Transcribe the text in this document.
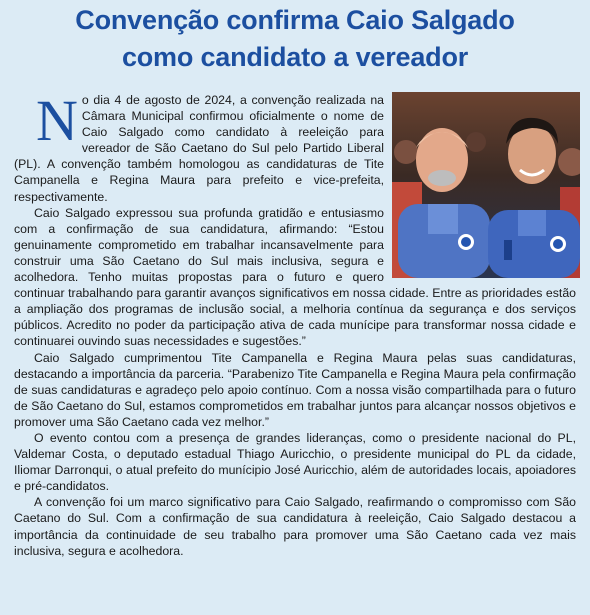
Convenção confirma Caio Salgado
como candidato a vereador
N o dia 4 de agosto de 2024, a convenção realizada na Câmara Municipal confirmou oficialmente o nome de Caio Salgado como candidato à reeleição para vereador de São Caetano do Sul pelo Partido Liberal (PL). A convenção também homologou as candidaturas de Tite Campanella e Regina Maura para prefeito e vice-prefeita, respectivamente.

Caio Salgado expressou sua profunda gratidão e entusiasmo com a confirmação de sua candidatura, afirmando: “Estou genuinamente comprometido em trabalhar incansavelmente para construir uma São Caetano do Sul mais inclusiva, segura e acolhedora. Tenho muitas propostas para o futuro e quero continuar trabalhando para garantir avanços significativos em nossa cidade. Entre as prioridades estão a ampliação dos programas de inclusão social, a melhoria contínua da segurança e dos serviços públicos. Acredito no poder da participação ativa de cada munícipe para transformar nossa cidade e continuarei ouvindo suas necessidades e sugestões.”

Caio Salgado cumprimentou Tite Campanella e Regina Maura pelas suas candidaturas, destacando a importância da parceria. “Parabenizo Tite Campanella e Regina Maura pela confirmação de suas candidaturas e agradeço pelo apoio contínuo. Com a nossa visão compartilhada para o futuro de São Caetano do Sul, estamos comprometidos em trabalhar juntos para alcançar nossos objetivos e promover uma São Caetano cada vez melhor.”

O evento contou com a presença de grandes lideranças, como o presidente nacional do PL, Valdemar Costa, o deputado estadual Thiago Auricchio, o presidente municipal do PL da cidade, Iliomar Darronqui, o atual prefeito do munícipio José Auricchio, além de autoridades locais, apoiadores e pré-candidatos.

A convenção foi um marco significativo para Caio Salgado, reafirmando o compromisso com São Caetano do Sul. Com a confirmação de sua candidatura à reeleição, Caio Salgado destacou a importância da continuidade de seu trabalho para promover uma São Caetano cada vez mais inclusiva, segura e acolhedora.
